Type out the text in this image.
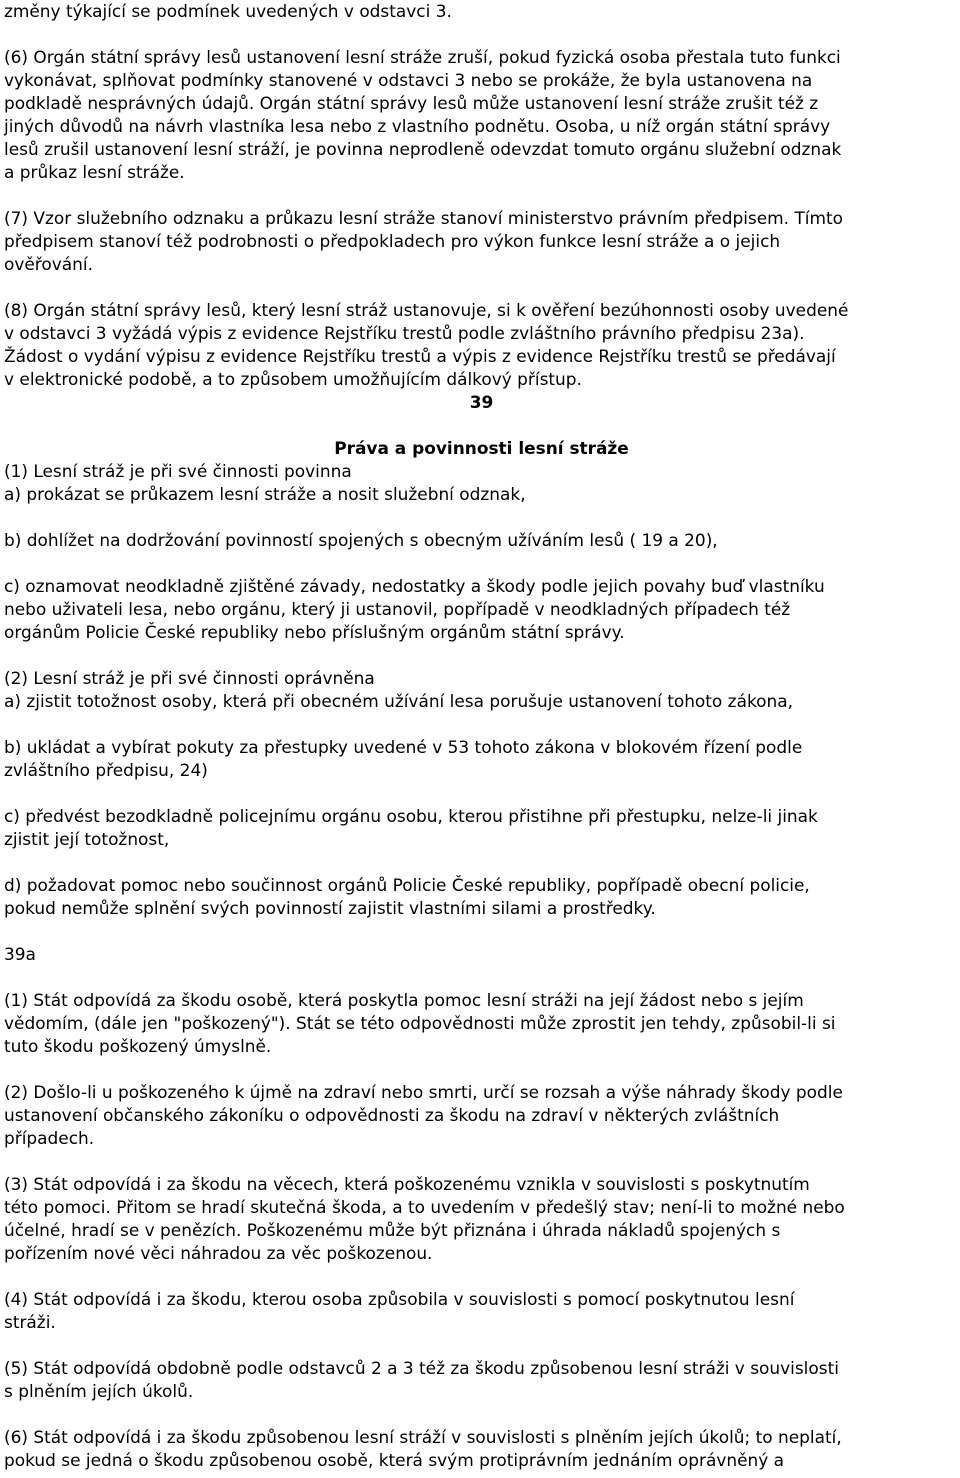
změny týkající se podmínek uvedených v odstavci 3.

(6) Orgán státní správy lesů ustanovení lesní stráže zruší, pokud fyzická osoba přestala tuto funkci
vykonávat, splňovat podmínky stanovené v odstavci 3 nebo se prokáže, že byla ustanovena na
podkladě nesprávných údajů. Orgán státní správy lesů může ustanovení lesní stráže zrušit též z
jiných důvodů na návrh vlastníka lesa nebo z vlastního podnětu. Osoba, u níž orgán státní správy
lesů zrušil ustanovení lesní stráží, je povinna neprodleně odevzdat tomuto orgánu služební odznak
a průkaz lesní stráže.
(7) Vzor služebního odznaku a průkazu lesní stráže stanoví ministerstvo právním předpisem. Tímto
předpisem stanoví též podrobnosti o předpokladech pro výkon funkce lesní stráže a o jejich
ověřování.
(8) Orgán státní správy lesů, který lesní stráž ustanovuje, si k ověření bezúhonnosti osoby uvedené
v odstavci 3 vyžádá výpis z evidence Rejstříku trestů podle zvláštního právního předpisu 23a).
Žádost o vydání výpisu z evidence Rejstříku trestů a výpis z evidence Rejstříku trestů se předávají
v elektronické podobě, a to způsobem umožňujícím dálkový přístup.

39

Práva a povinnosti lesní stráže

(1) Lesní stráž je při své činnosti povinna

a) prokázat se průkazem lesní stráže a nosit služební odznak,

b) dohlížet na dodržování povinností spojených s obecným užíváním lesů ( 19 a 20),

c) oznamovat neodkladně zjištěné závady, nedostatky a škody podle jejich povahy buď vlastníku
nebo uživateli lesa, nebo orgánu, který ji ustanovil, popřípadě v neodkladných případech též
orgánům Policie České republiky nebo příslušným orgánům státní správy.

(2) Lesní stráž je při své činnosti oprávněna

a) zjistit totožnost osoby, která při obecném užívání lesa porušuje ustanovení tohoto zákona,

b) ukládat a vybírat pokuty za přestupky uvedené v 53 tohoto zákona v blokovém řízení podle
zvláštního předpisu, 24)
c) předvést bezodkladně policejnímu orgánu osobu, kterou přistihne při přestupku, nelze-li jinak
zjistit její totožnost,
d) požadovat pomoc nebo součinnost orgánů Policie České republiky, popřípadě obecní policie,
pokud nemůže splnění svých povinností zajistit vlastními silami a prostředky.

39a

(1) Stát odpovídá za škodu osobě, která poskytla pomoc lesní stráži na její žádost nebo s jejím
vědomím, (dále jen "poškozený"). Stát se této odpovědnosti může zprostit jen tehdy, způsobil-li si
tuto škodu poškozený úmyslně.
(2) Došlo-li u poškozeného k újmě na zdraví nebo smrti, určí se rozsah a výše náhrady škody podle
ustanovení občanského zákoníku o odpovědnosti za škodu na zdraví v některých zvláštních
případech.
(3) Stát odpovídá i za škodu na věcech, která poškozenému vznikla v souvislosti s poskytnutím
této pomoci. Přitom se hradí skutečná škoda, a to uvedením v předešlý stav; není-li to možné nebo
účelné, hradí se v penězích. Poškozenému může být přiznána i úhrada nákladů spojených s
pořízením nové věci náhradou za věc poškozenou.
(4) Stát odpovídá i za škodu, kterou osoba způsobila v souvislosti s pomocí poskytnutou lesní
stráži.
(5) Stát odpovídá obdobně podle odstavců 2 a 3 též za škodu způsobenou lesní stráži v souvislosti
s plněním jejích úkolů.
(6) Stát odpovídá i za škodu způsobenou lesní stráží v souvislosti s plněním jejích úkolů; to neplatí,
pokud se jedná o škodu způsobenou osobě, která svým protiprávním jednáním oprávněný a
